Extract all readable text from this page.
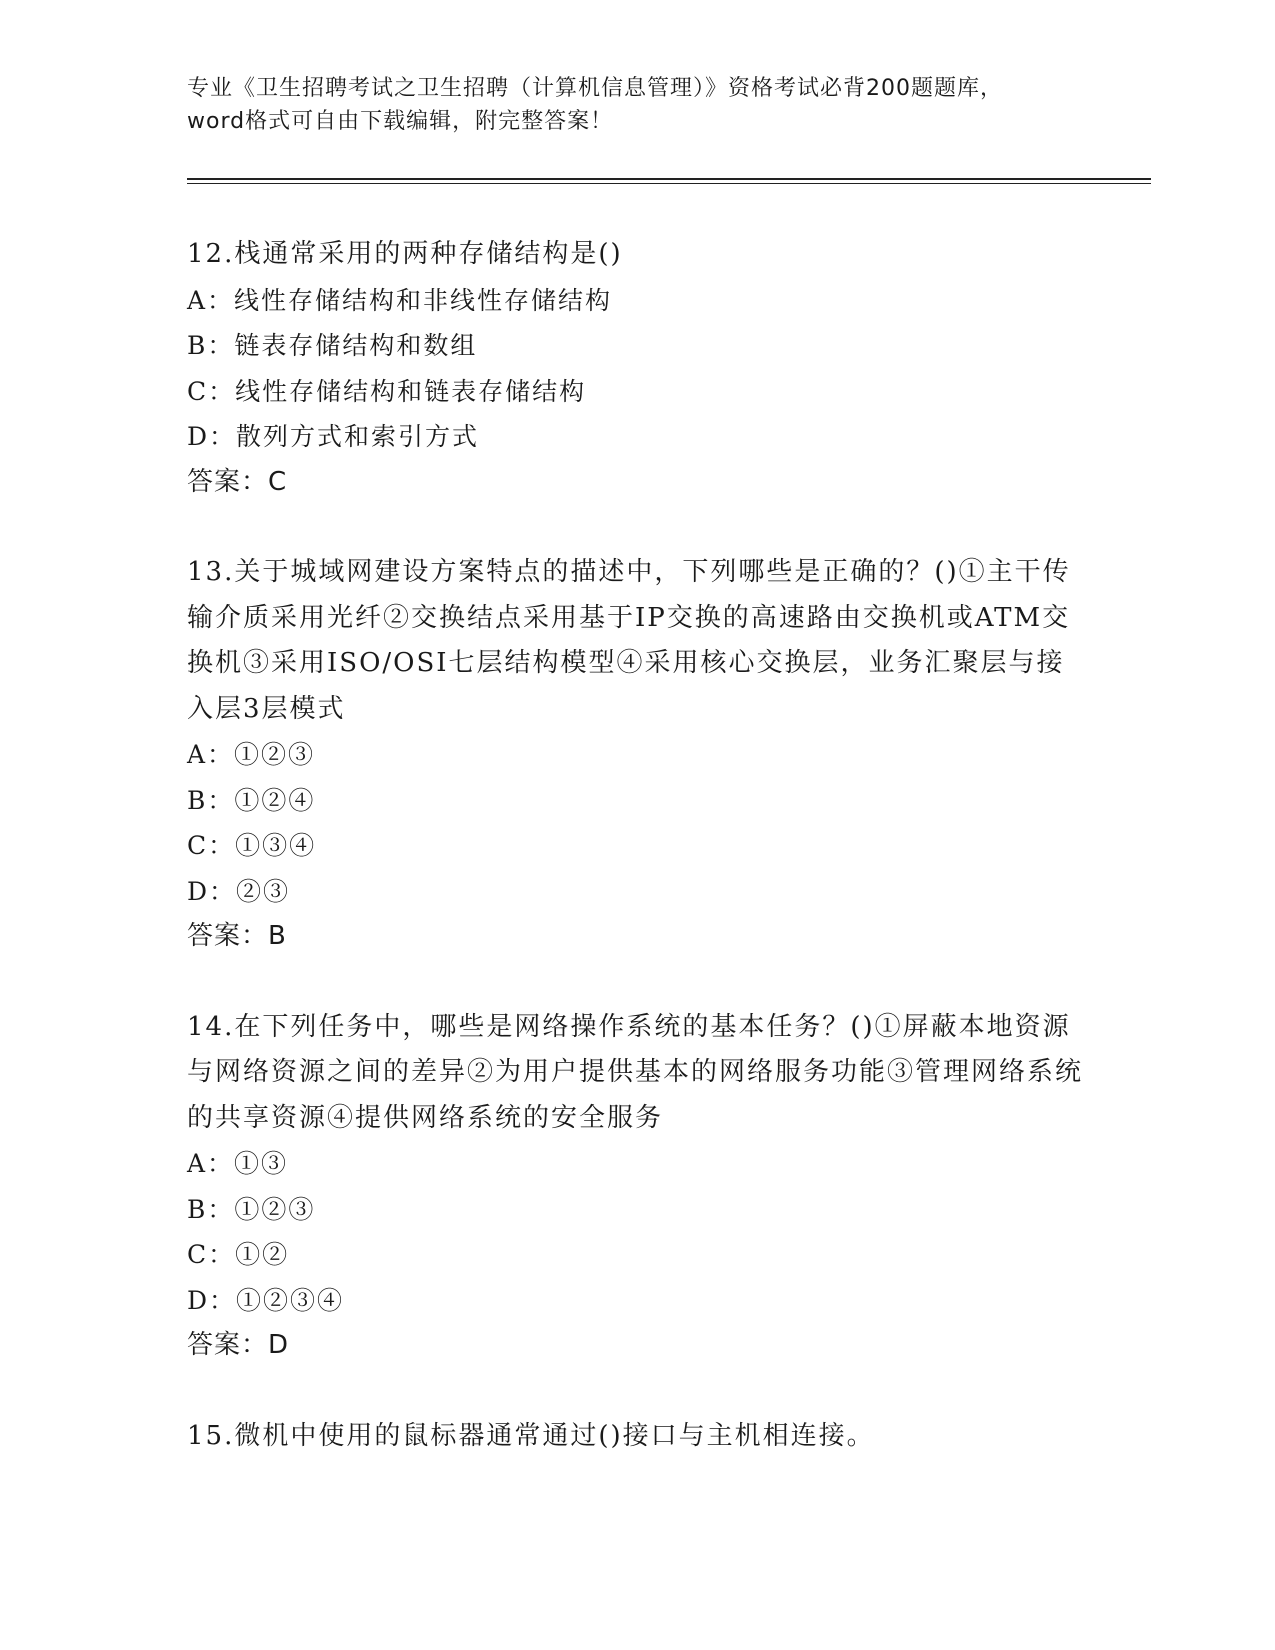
专业《卫生招聘考试之卫生招聘（计算机信息管理）》资格考试必背200题题库，
word格式可自由下载编辑，附完整答案！

12.栈通常采用的两种存储结构是()

A：线性存储结构和非线性存储结构

B：链表存储结构和数组

C：线性存储结构和链表存储结构

D：散列方式和索引方式

答案：C

13.关于城域网建设方案特点的描述中，下列哪些是正确的？()①主干传输介质采用光纤②交换结点采用基于IP交换的高速路由交换机或ATM交换机③采用ISO/OSI七层结构模型④采用核心交换层，业务汇聚层与接入层3层模式

A：①②③

B：①②④

C：①③④

D：②③

答案：B

14.在下列任务中，哪些是网络操作系统的基本任务？()①屏蔽本地资源与网络资源之间的差异②为用户提供基本的网络服务功能③管理网络系统的共享资源④提供网络系统的安全服务

A：①③

B：①②③

C：①②

D：①②③④

答案：D

15.微机中使用的鼠标器通常通过()接口与主机相连接。
